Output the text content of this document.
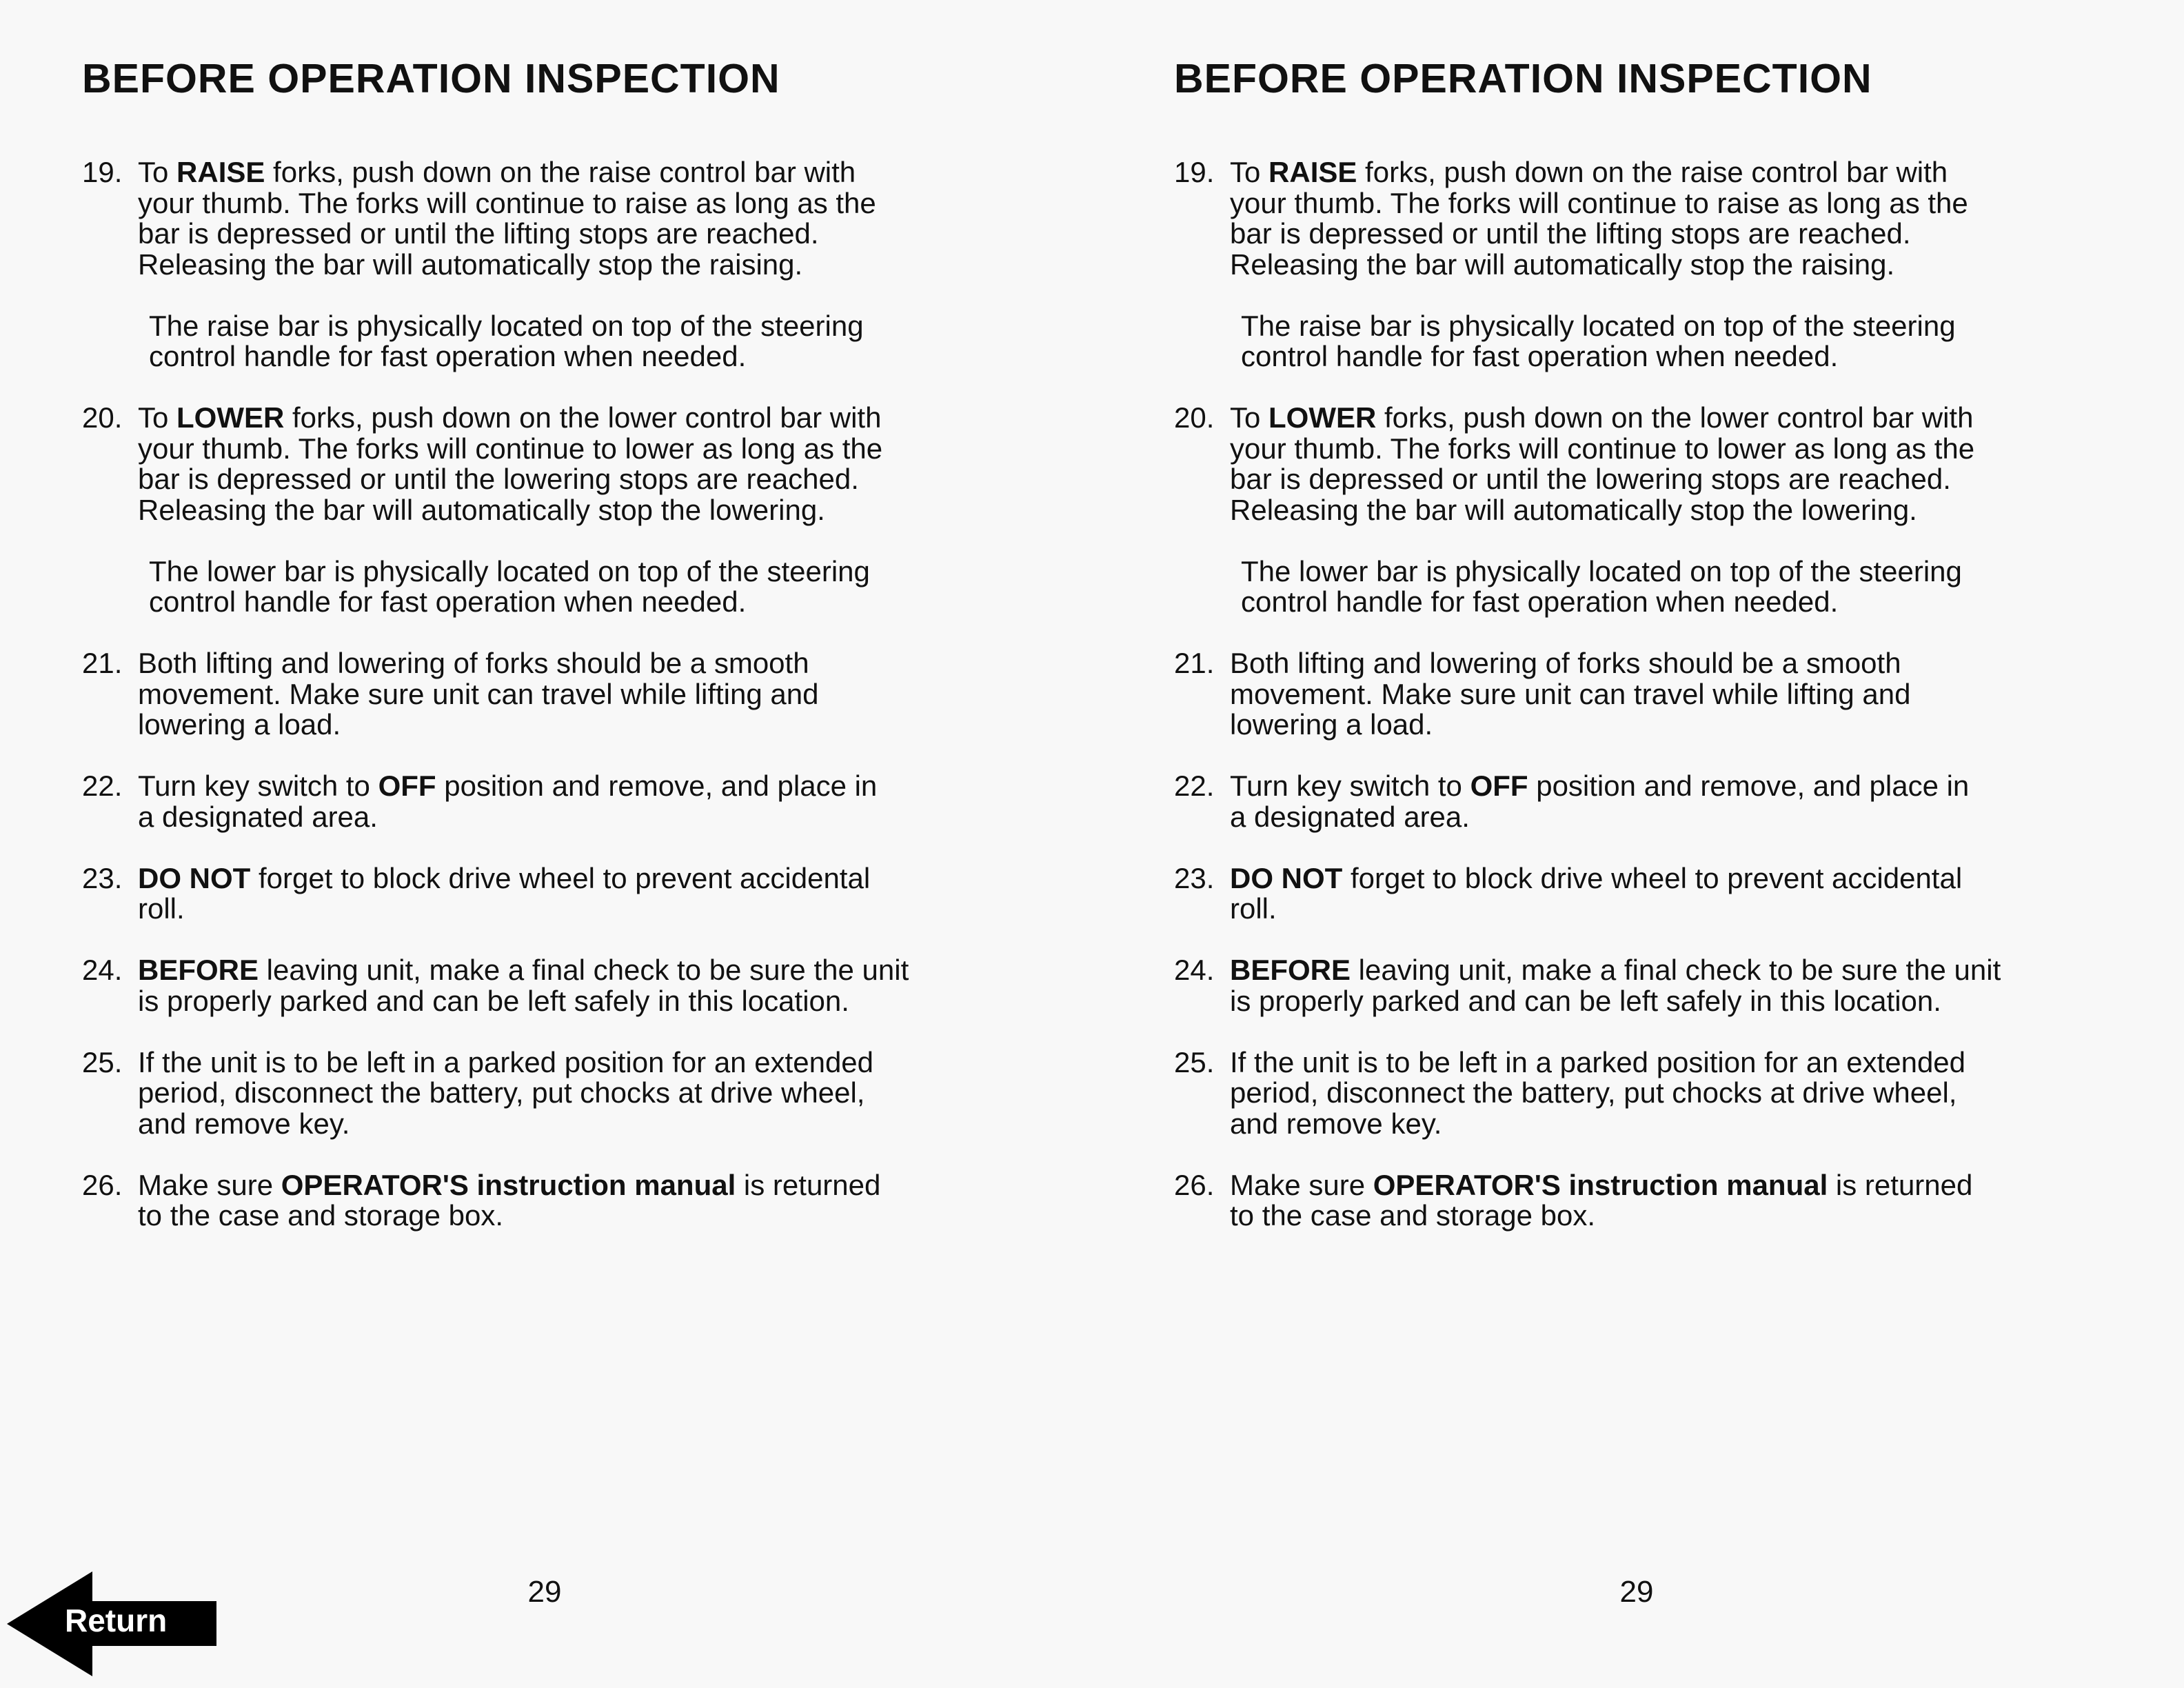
BEFORE OPERATION INSPECTION
19. To RAISE forks, push down on the raise control bar with
your thumb. The forks will continue to raise as long as the
bar is depressed or until the lifting stops are reached.
Releasing the bar will automatically stop the raising.
The raise bar is physically located on top of the steering
control handle for fast operation when needed.
20. To LOWER forks, push down on the lower control bar with
your thumb. The forks will continue to lower as long as the
bar is depressed or until the lowering stops are reached.
Releasing the bar will automatically stop the lowering.
The lower bar is physically located on top of the steering
control handle for fast operation when needed.
21. Both lifting and lowering of forks should be a smooth
movement. Make sure unit can travel while lifting and
lowering a load.
22. Turn key switch to OFF position and remove, and place in
a designated area.
23. DO NOT forget to block drive wheel to prevent accidental
roll.
24. BEFORE leaving unit, make a final check to be sure the unit
is properly parked and can be left safely in this location.
25. If the unit is to be left in a parked position for an extended
period, disconnect the battery, put chocks at drive wheel,
and remove key.
26. Make sure OPERATOR'S instruction manual is returned
to the case and storage box.
29
BEFORE OPERATION INSPECTION
19. To RAISE forks, push down on the raise control bar with
your thumb. The forks will continue to raise as long as the
bar is depressed or until the lifting stops are reached.
Releasing the bar will automatically stop the raising.
The raise bar is physically located on top of the steering
control handle for fast operation when needed.
20. To LOWER forks, push down on the lower control bar with
your thumb. The forks will continue to lower as long as the
bar is depressed or until the lowering stops are reached.
Releasing the bar will automatically stop the lowering.
The lower bar is physically located on top of the steering
control handle for fast operation when needed.
21. Both lifting and lowering of forks should be a smooth
movement. Make sure unit can travel while lifting and
lowering a load.
22. Turn key switch to OFF position and remove, and place in
a designated area.
23. DO NOT forget to block drive wheel to prevent accidental
roll.
24. BEFORE leaving unit, make a final check to be sure the unit
is properly parked and can be left safely in this location.
25. If the unit is to be left in a parked position for an extended
period, disconnect the battery, put chocks at drive wheel,
and remove key.
26. Make sure OPERATOR'S instruction manual is returned
to the case and storage box.
29
Return
